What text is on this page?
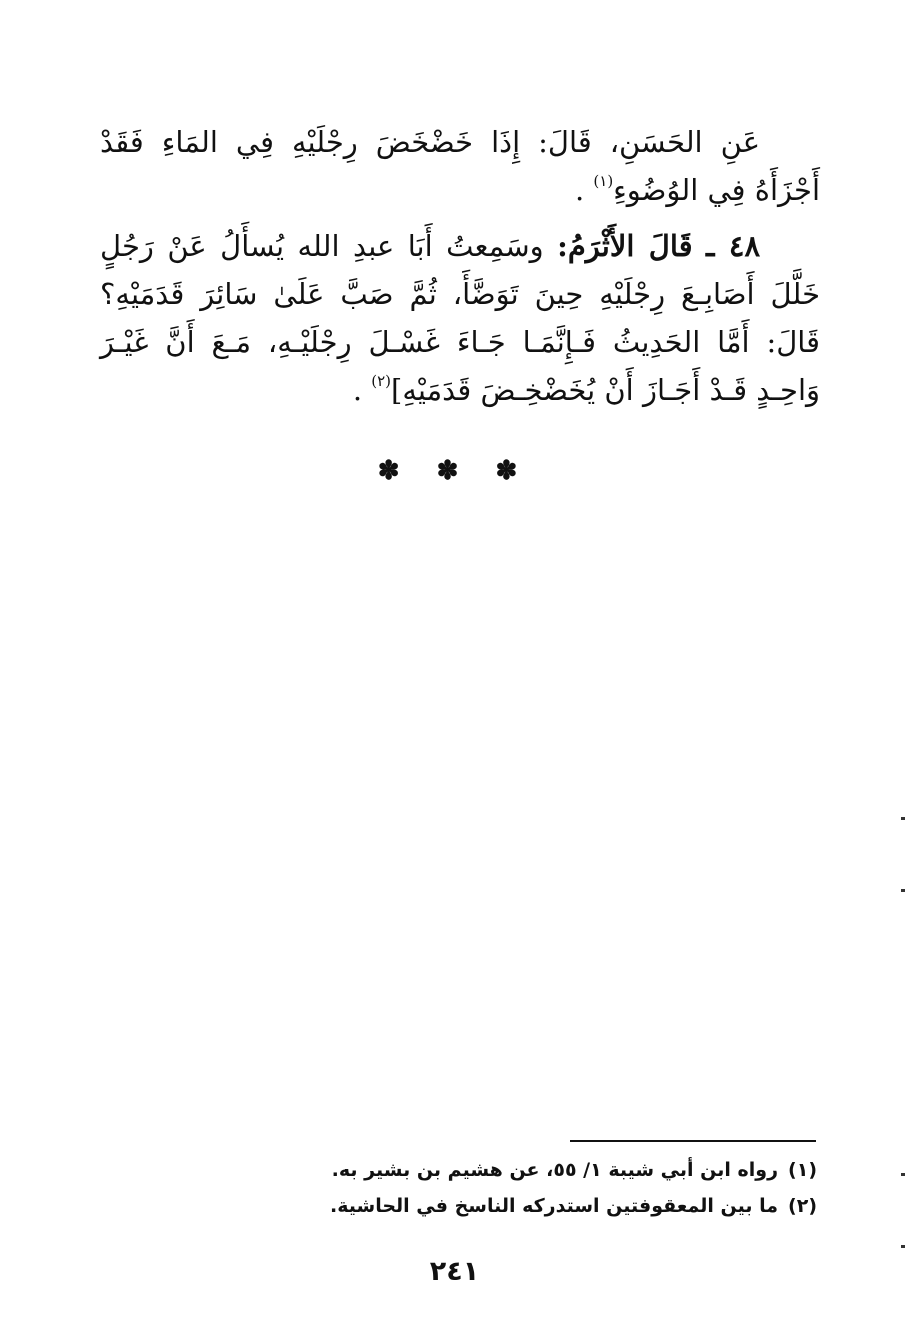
عَنِ الحَسَنِ، قَالَ: إِذَا خَضْخَضَ رِجْلَيْهِ فِي المَاءِ فَقَدْ أَجْزَأَهُ فِي الوُضُوءِ$^{(١)}$ .

٤٨ ـ قَالَ الأَثْرَمُ: وسَمِعتُ أَبَا عبدِ الله يُسأَلُ عَنْ رَجُلٍ خَلَّلَ أَصَابِـعَ رِجْلَيْهِ حِينَ تَوَضَّأَ، ثُمَّ صَبَّ عَلَىٰ سَائِرَ قَدَمَيْهِ؟ قَالَ: أَمَّا الحَدِيثُ فَـإِنَّمَـا جَـاءَ غَسْـلَ رِجْلَيْـهِ، مَـعَ أَنَّ غَيْـرَ وَاحِـدٍ قَـدْ أَجَـازَ أَنْ يُخَضْخِـضَ قَدَمَيْهِ]$^{(٢)}$ .

✽ ✽ ✽

(١)رواه ابن أبي شيبة ١/ ٥٥، عن هشيم بن بشير به.

(٢)ما بين المعقوفتين استدركه الناسخ في الحاشية.

٢٤١
